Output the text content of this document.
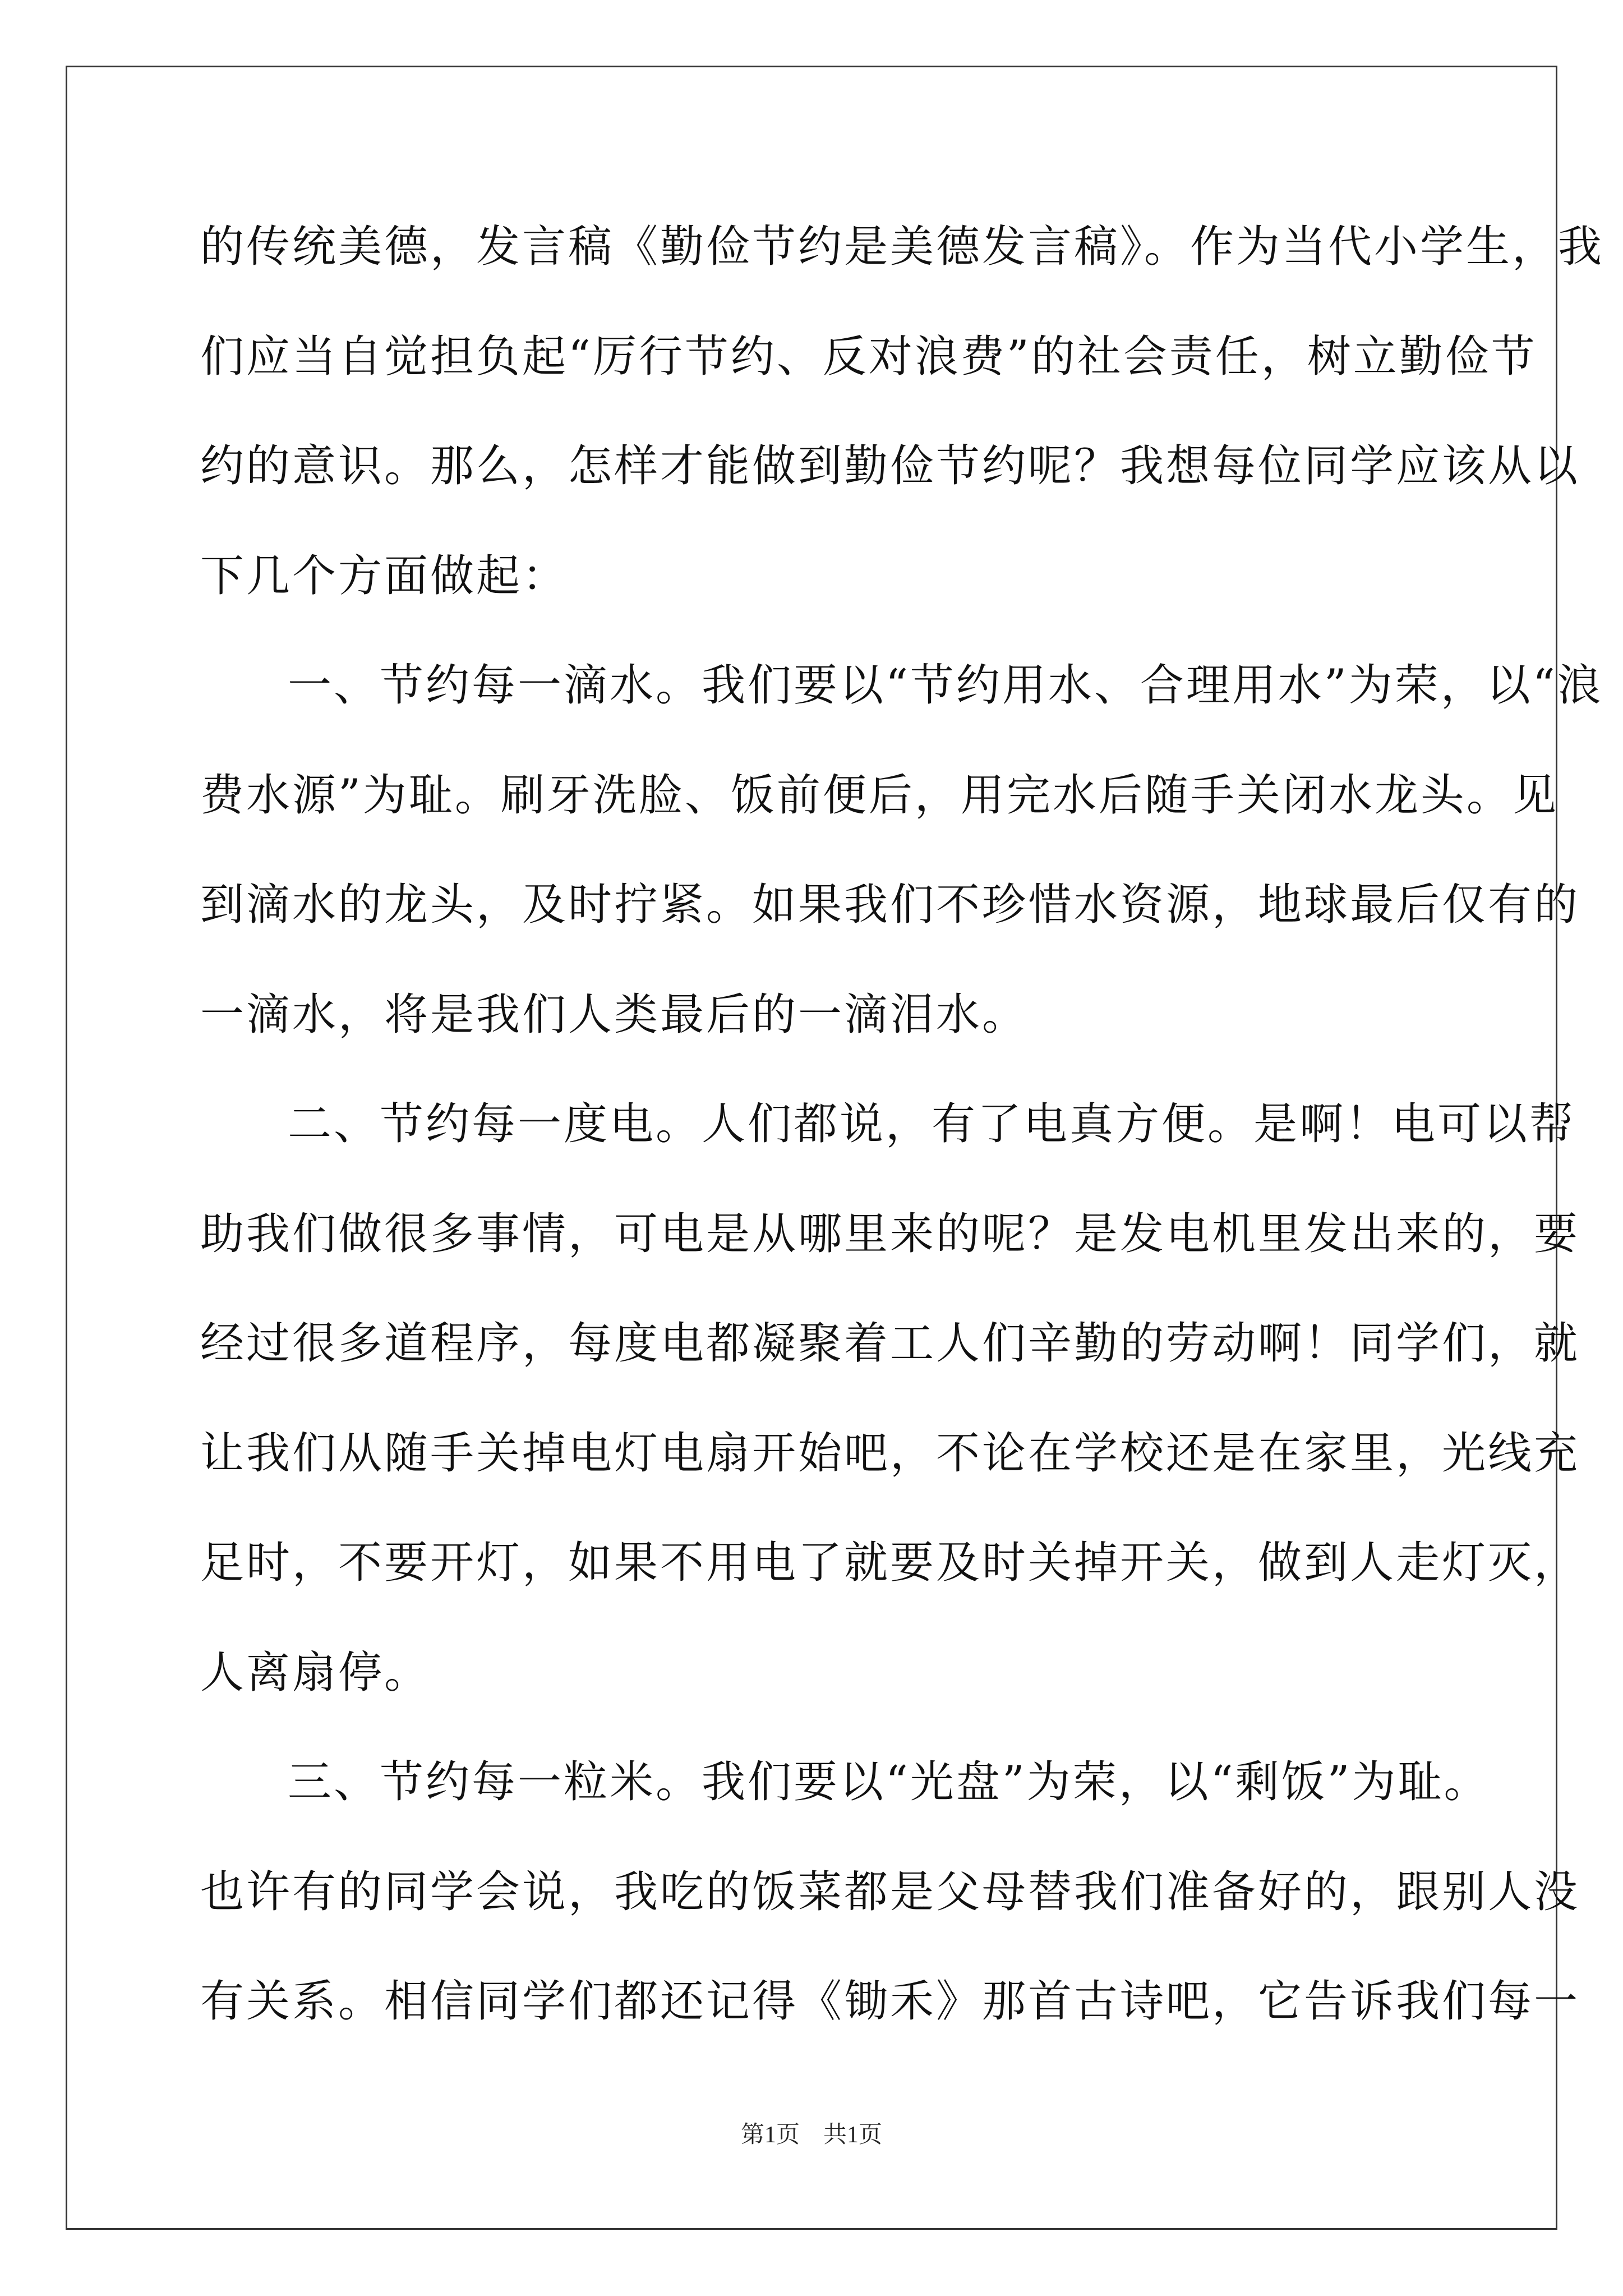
的传统美德，发言稿《勤俭节约是美德发言稿》。作为当代小学生，我
们应当自觉担负起“厉行节约、反对浪费”的社会责任，树立勤俭节
约的意识。那么，怎样才能做到勤俭节约呢？我想每位同学应该从以
下几个方面做起：
一、节约每一滴水。我们要以“节约用水、合理用水”为荣，以“浪
费水源”为耻。刷牙洗脸、饭前便后，用完水后随手关闭水龙头。见
到滴水的龙头，及时拧紧。如果我们不珍惜水资源，地球最后仅有的
一滴水，将是我们人类最后的一滴泪水。
二、节约每一度电。人们都说，有了电真方便。是啊！电可以帮
助我们做很多事情，可电是从哪里来的呢？是发电机里发出来的，要
经过很多道程序，每度电都凝聚着工人们辛勤的劳动啊！同学们，就
让我们从随手关掉电灯电扇开始吧，不论在学校还是在家里，光线充
足时，不要开灯，如果不用电了就要及时关掉开关，做到人走灯灭，
人离扇停。
三、节约每一粒米。我们要以“光盘”为荣，以“剩饭”为耻。
也许有的同学会说，我吃的饭菜都是父母替我们准备好的，跟别人没
有关系。相信同学们都还记得《锄禾》那首古诗吧，它告诉我们每一
第1页 共1页
